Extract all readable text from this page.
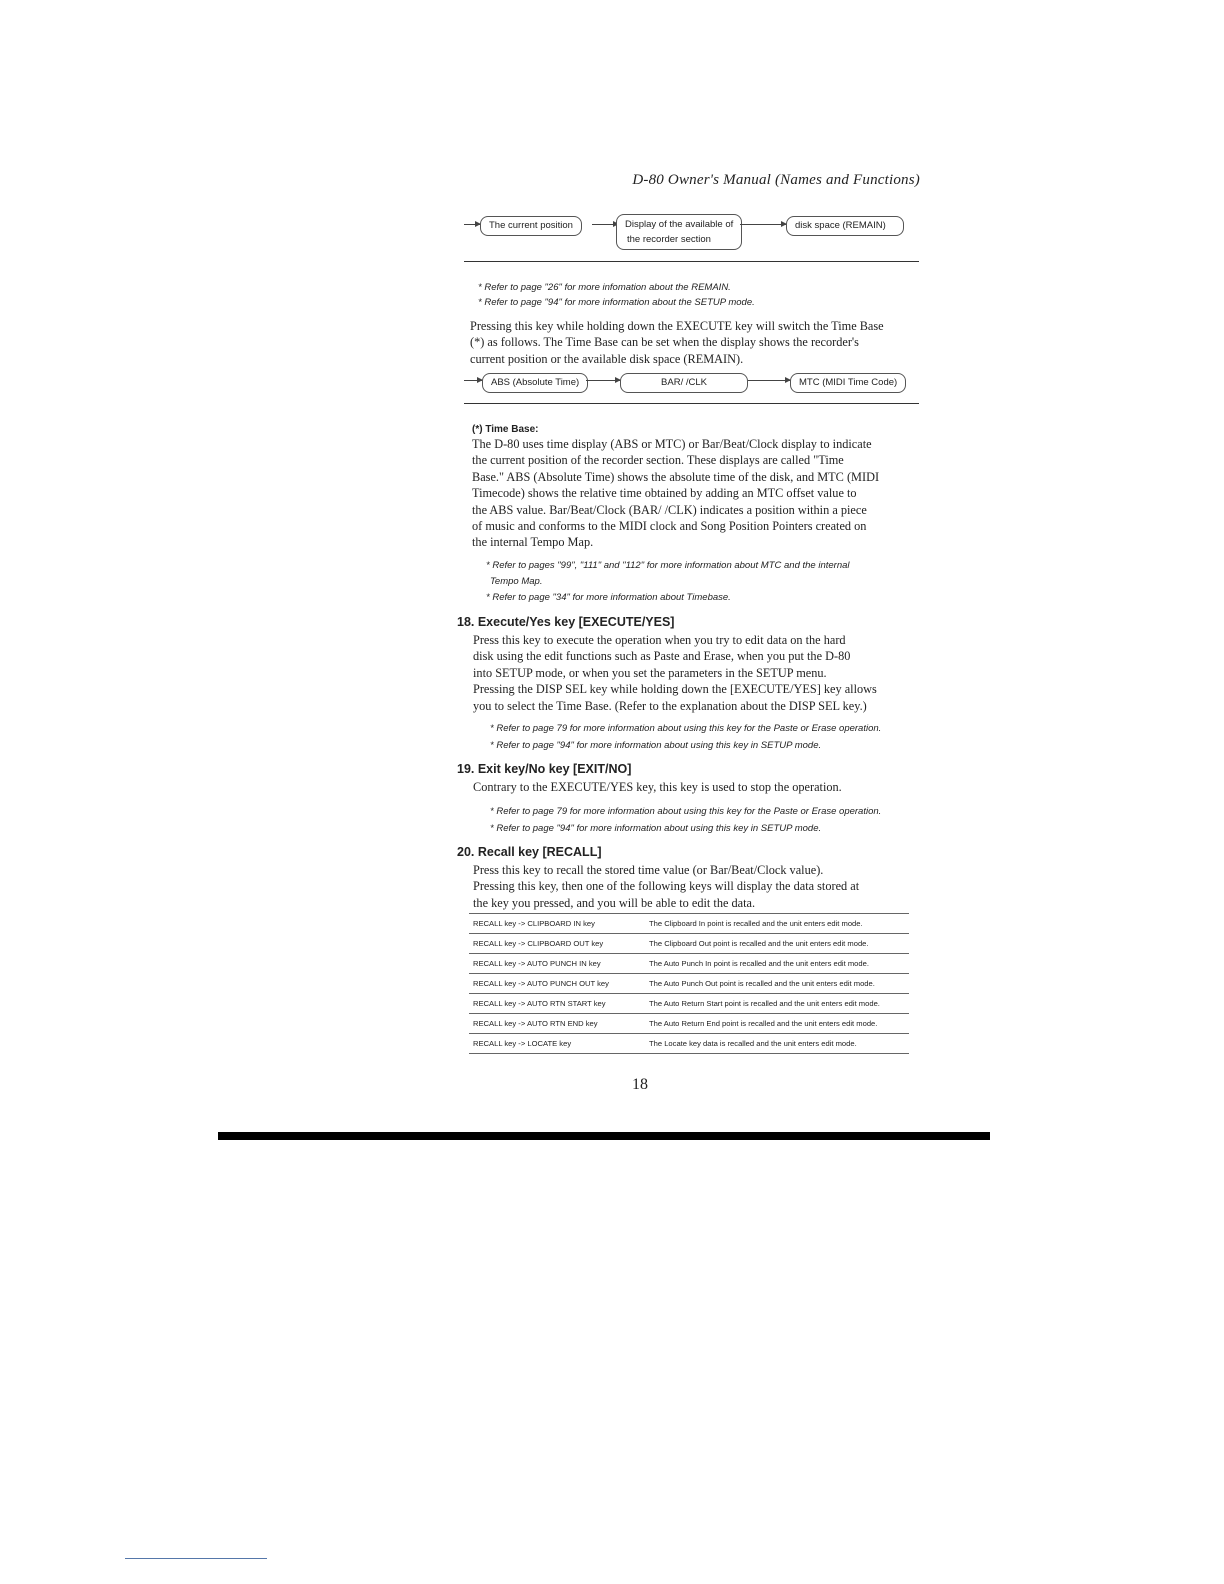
D-80 Owner's Manual (Names and Functions)
The current position	Display of the available of
the recorder section
disk space (REMAIN)
* Refer to page "26" for more infomation about the REMAIN.
* Refer to page "94" for more information about the SETUP mode.
Pressing this key while holding down the EXECUTE key will switch the Time Base
(*) as follows. The Time Base can be set when the display shows the recorder's
current position or the available disk space (REMAIN).
ABS (Absolute Time)	BAR/ /CLK	MTC (MIDI Time Code)
(*) Time Base:
The D-80 uses time display (ABS or MTC) or Bar/Beat/Clock display to indicate
the current position of the recorder section. These displays are called "Time
Base." ABS (Absolute Time) shows the absolute time of the disk, and MTC (MIDI
Timecode) shows the relative time obtained by adding an MTC offset value to
the ABS value. Bar/Beat/Clock (BAR/ /CLK) indicates a position within a piece
of music and conforms to the MIDI clock and Song Position Pointers created on
the internal Tempo Map.
* Refer to pages "99", "111" and "112" for more information about MTC and the internal
Tempo Map.
* Refer to page "34" for more information about Timebase.
18. Execute/Yes key [EXECUTE/YES]
Press this key to execute the operation when you try to edit data on the hard
disk using the edit functions such as Paste and Erase, when you put the D-80
into SETUP mode, or when you set the parameters in the SETUP menu.
Pressing the DISP SEL key while holding down the [EXECUTE/YES] key allows
you to select the Time Base. (Refer to the explanation about the DISP SEL key.)
* Refer to page 79 for more information about using this key for the Paste or Erase operation.
* Refer to page "94" for more information about using this key in SETUP mode.
19. Exit key/No key [EXIT/NO]
Contrary to the EXECUTE/YES key, this key is used to stop the operation.
* Refer to page 79 for more information about using this key for the Paste or Erase operation.
* Refer to page "94" for more information about using this key in SETUP mode.
20. Recall key [RECALL]
Press this key to recall the stored time value (or Bar/Beat/Clock value).
Pressing this key, then one of the following keys will display the data stored at
the key you pressed, and you will be able to edit the data.
RECALL key -> CLIPBOARD IN key	The Clipboard In point is recalled and the unit enters edit mode.
RECALL key -> CLIPBOARD OUT key	The Clipboard Out point is recalled and the unit enters edit mode.
RECALL key -> AUTO PUNCH IN key	The Auto Punch In point is recalled and the unit enters edit mode.
RECALL key -> AUTO PUNCH OUT key	The Auto Punch Out point is recalled and the unit enters edit mode.
RECALL key -> AUTO RTN START key	The Auto Return Start point is recalled and the unit enters edit mode.
RECALL key -> AUTO RTN END key	The Auto Return End point is recalled and the unit enters edit mode.
RECALL key -> LOCATE key	The Locate key data is recalled and the unit enters edit mode.
18
